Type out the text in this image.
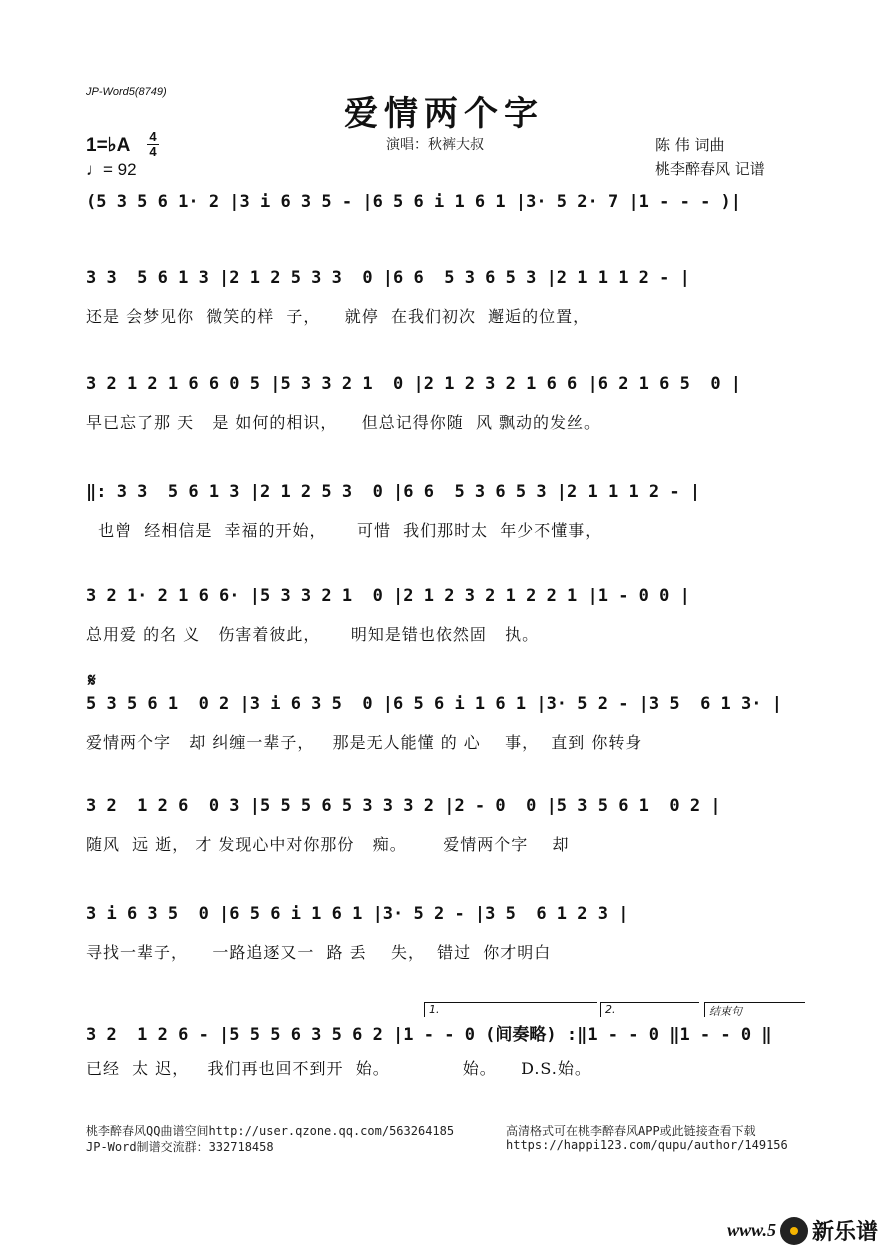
JP-Word5(8749)
爱情两个字
1=♭A 4
4
♩= 92
演唱：秋裤大叔	陈 伟 词曲
桃李醉春风 记谱
(5 3 5 6 1· 2 |3 i 6 3 5 - |6 5 6 i 1 6 1 |3· 5 2· 7 |1 - - - )|
3 3  5 6 1 3 |2 1 2 5 3 3  0 |6 6  5 3 6 5 3 |2 1 1 1 2 - |
还是 会梦见你  微笑的样  子，    就停  在我们初次  邂逅的位置，
3 2 1 2 1 6 6 0 5 |5 3 3 2 1  0 |2 1 2 3 2 1 6 6 |6 2 1 6 5  0 |
早已忘了那 天   是 如何的相识，    但总记得你随  风 飘动的发丝。
‖: 3 3  5 6 1 3 |2 1 2 5 3  0 |6 6  5 3 6 5 3 |2 1 1 1 2 - |
也曾  经相信是  幸福的开始，     可惜  我们那时太  年少不懂事，
3 2 1· 2 1 6 6· |5 3 3 2 1  0 |2 1 2 3 2 1 2 2 1 |1 - 0 0 |
总用爱 的名 义   伤害着彼此，     明知是错也依然固   执。
5 3 5 6 1  0 2 |3 i 6 3 5  0 |6 5 6 i 1 6 1 |3· 5 2 - |3 5  6 1 3· |
爱情两个字   却 纠缠一辈子，   那是无人能懂 的 心    事，  直到 你转身
3 2  1 2 6  0 3 |5 5 5 6 5 3 3 3 2 |2 - 0  0 |5 3 5 6 1  0 2 |
随风  远 逝， 才 发现心中对你那份   痴。      爱情两个字    却
3 i 6 3 5  0 |6 5 6 i 1 6 1 |3· 5 2 - |3 5  6 1 2 3 |
寻找一辈子，    一路追逐又一  路 丢    失，  错过  你才明白
3 2  1 2 6 - |5 5 5 6 3 5 6 2 |1 - - 0 (间奏略) :‖1 - - 0 ‖1 - - 0 ‖
已经  太 迟，   我们再也回不到开  始。            始。    D.S.始。
𝄋
1.	2.	结束句
桃李醉春风QQ曲谱空间http://user.qzone.qq.com/563264185
JP-Word制谱交流群：332718458
高清格式可在桃李醉春风APP或此链接查看下载
https://happi123.com/qupu/author/149156
www.5 新乐谱
